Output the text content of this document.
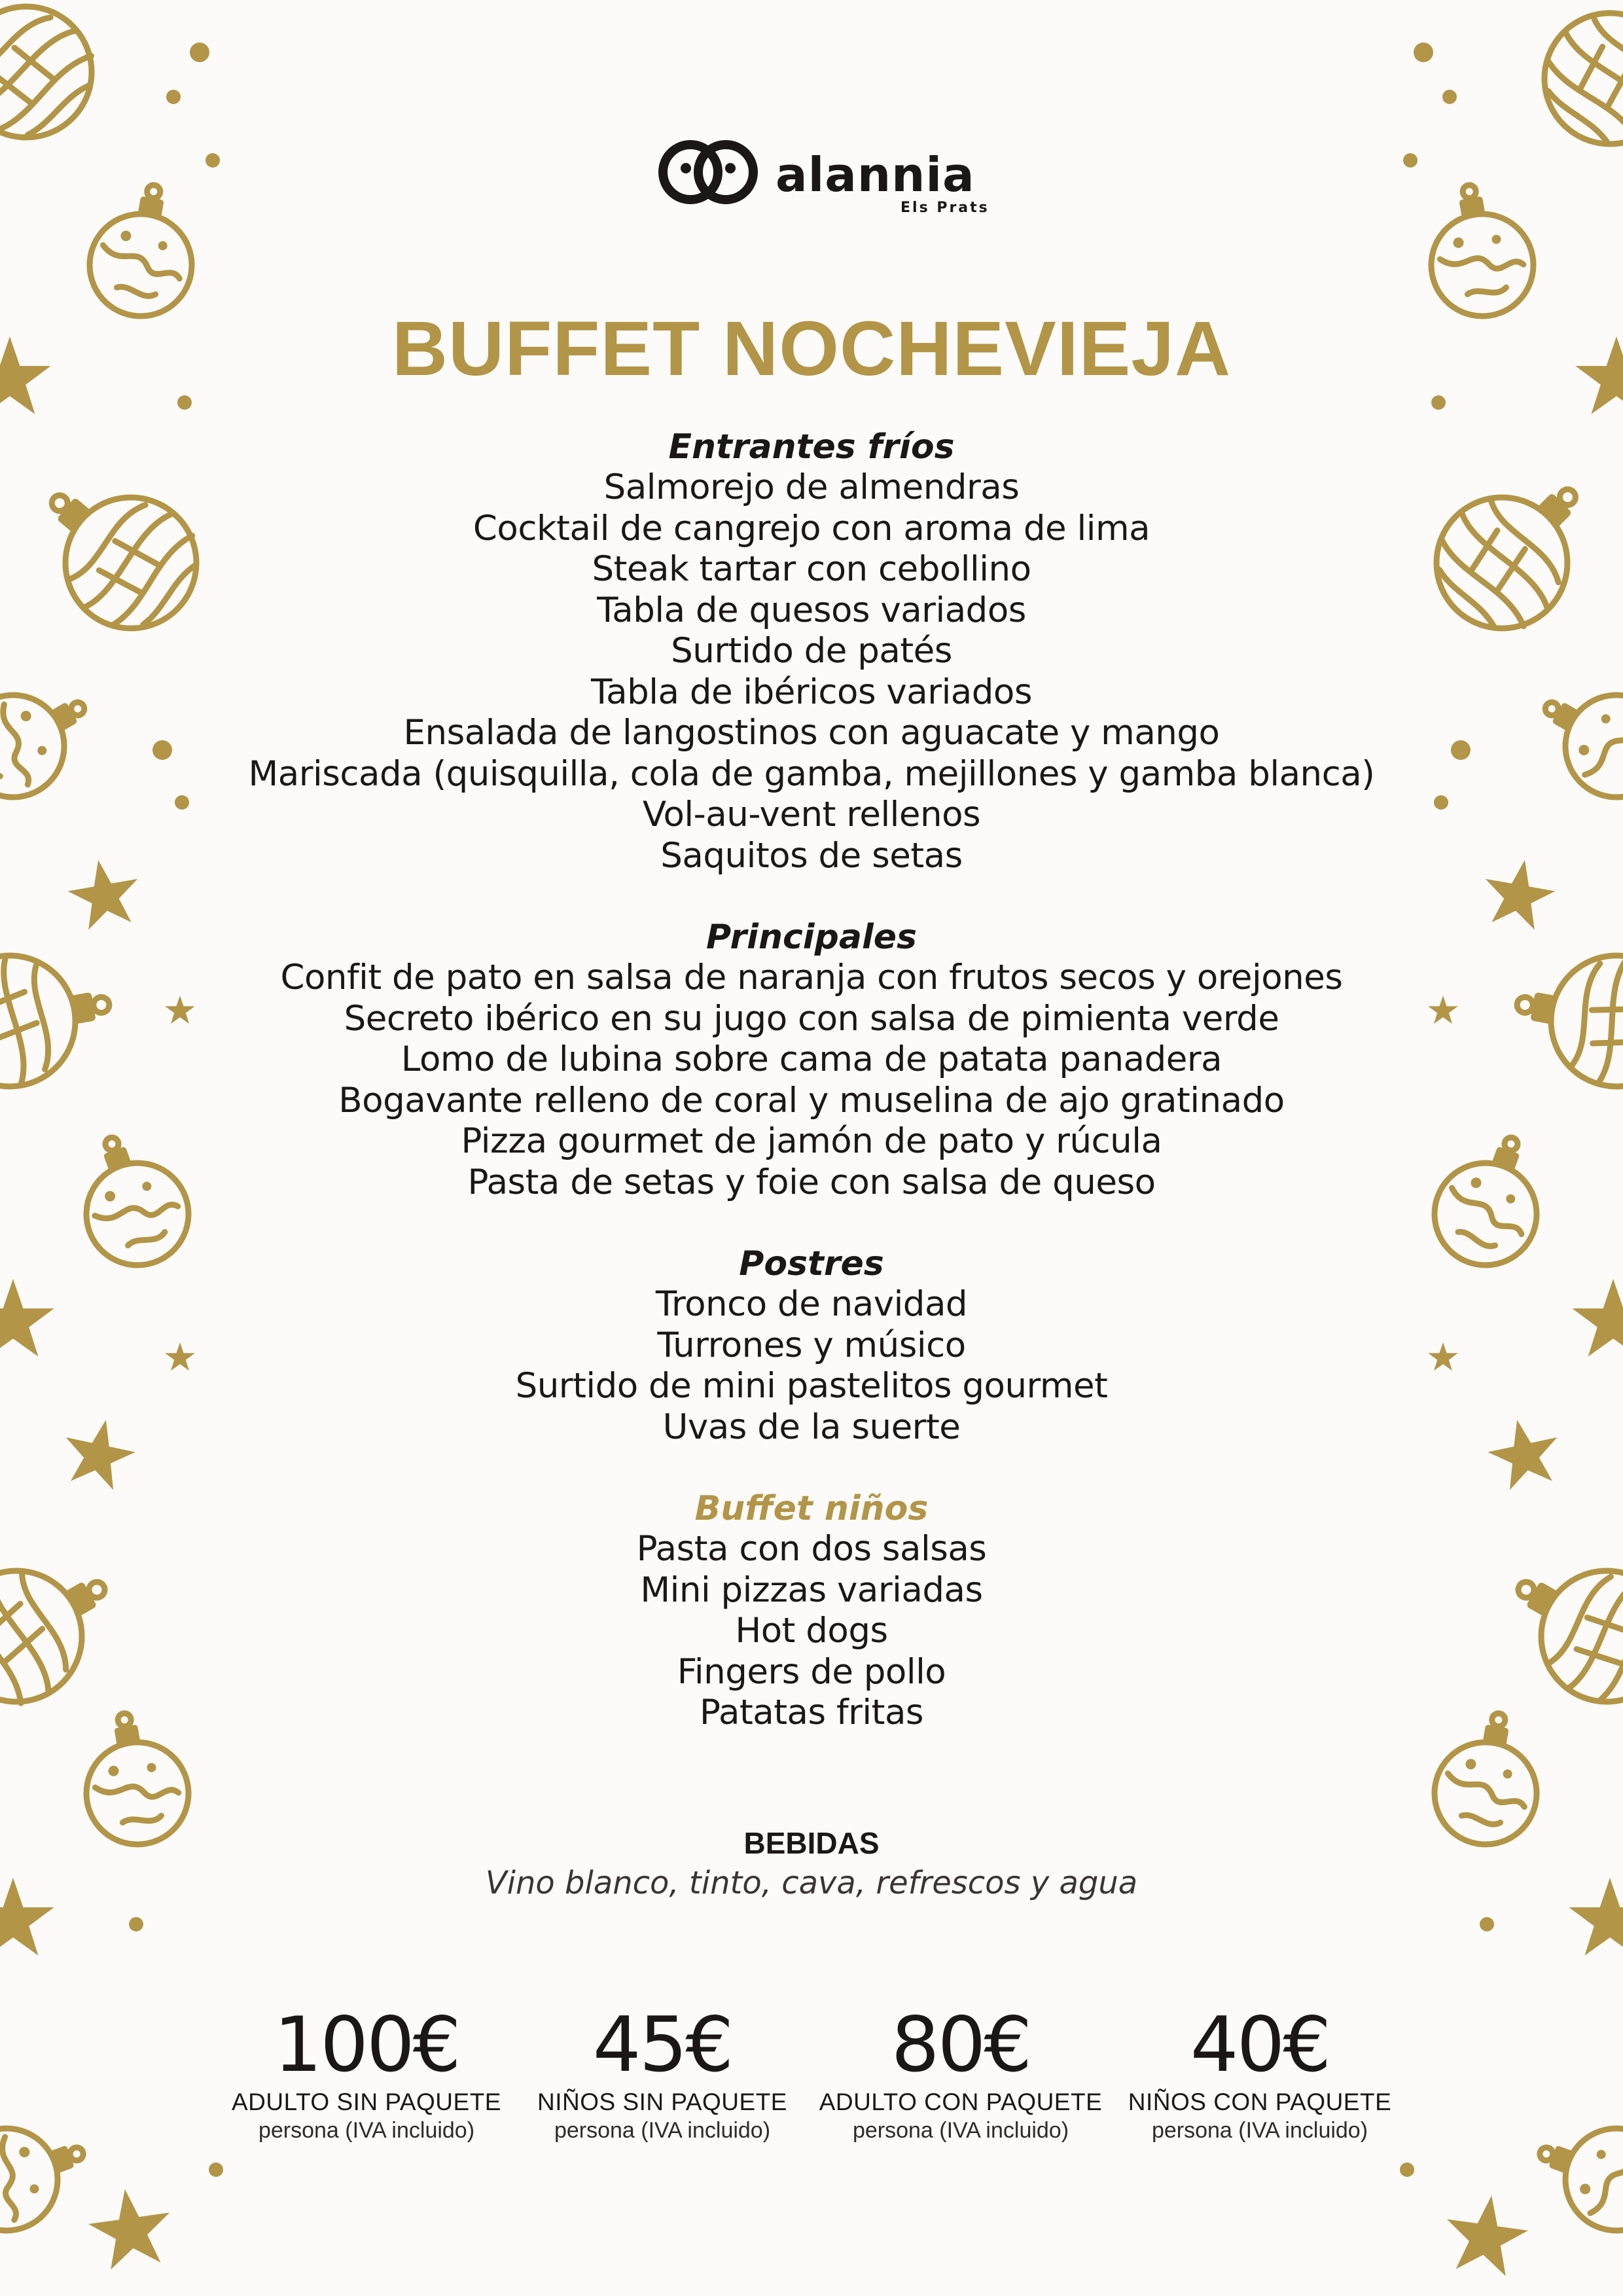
alannia
Els Prats
BUFFET NOCHEVIEJA
Entrantes fríos
Salmorejo de almendras
Cocktail de cangrejo con aroma de lima
Steak tartar con cebollino
Tabla de quesos variados
Surtido de patés
Tabla de ibéricos variados
Ensalada de langostinos con aguacate y mango
Mariscada (quisquilla, cola de gamba, mejillones y gamba blanca)
Vol-au-vent rellenos
Saquitos de setas
Principales
Confit de pato en salsa de naranja con frutos secos y orejones
Secreto ibérico en su jugo con salsa de pimienta verde
Lomo de lubina sobre cama de patata panadera
Bogavante relleno de coral y muselina de ajo gratinado
Pizza gourmet de jamón de pato y rúcula
Pasta de setas y foie con salsa de queso
Postres
Tronco de navidad
Turrones y músico
Surtido de mini pastelitos gourmet
Uvas de la suerte
Buffet niños
Pasta con dos salsas
Mini pizzas variadas
Hot dogs
Fingers de pollo
Patatas fritas
BEBIDAS
Vino blanco, tinto, cava, refrescos y agua
100€
ADULTO SIN PAQUETE
persona (IVA incluido)
45€
NIÑOS SIN PAQUETE
persona (IVA incluido)
80€
ADULTO CON PAQUETE
persona (IVA incluido)
40€
NIÑOS CON PAQUETE
persona (IVA incluido)
